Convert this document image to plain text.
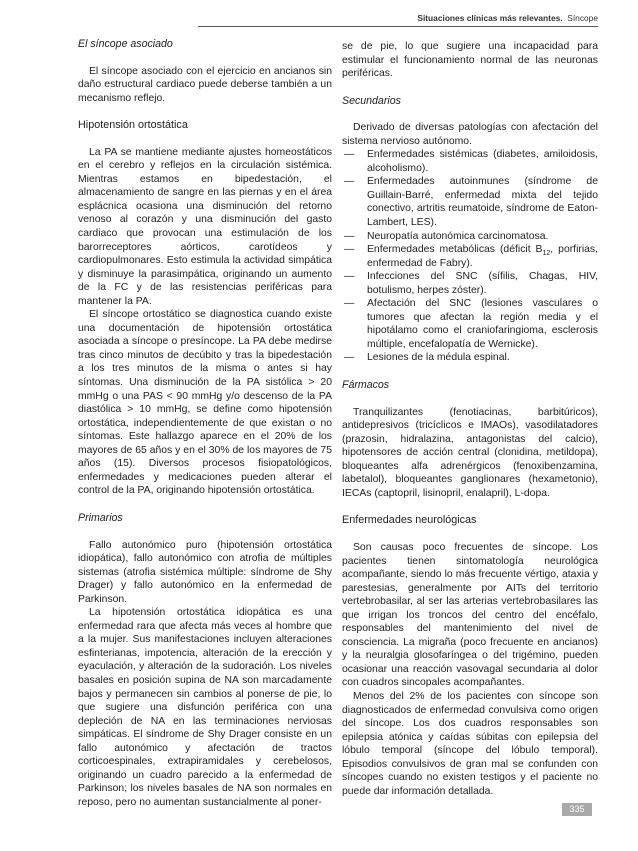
Situaciones clínicas más relevantes. Síncope
El síncope asociado

El síncope asociado con el ejercicio en ancianos sin daño estructural cardiaco puede deberse también a un mecanismo reflejo.

Hipotensión ortostática

La PA se mantiene mediante ajustes homeostáticos en el cerebro y reflejos en la circulación sistémica. Mientras estamos en bipedestación, el almacenamiento de sangre en las piernas y en el área esplácnica ocasiona una disminución del retorno venoso al corazón y una disminución del gasto cardiaco que provocan una estimulación de los barorreceptores aórticos, carotídeos y cardiopulmonares. Esto estimula la actividad simpática y disminuye la parasimpática, originando un aumento de la FC y de las resistencias periféricas para mantener la PA.

El síncope ortostático se diagnostica cuando existe una documentación de hipotensión ortostática asociada a síncope o presíncope. La PA debe medirse tras cinco minutos de decúbito y tras la bipedestación a los tres minutos de la misma o antes si hay síntomas. Una disminución de la PA sistólica > 20 mmHg o una PAS < 90 mmHg y/o descenso de la PA diastólica > 10 mmHg, se define como hipotensión ortostática, independientemente de que existan o no síntomas. Este hallazgo aparece en el 20% de los mayores de 65 años y en el 30% de los mayores de 75 años (15). Diversos procesos fisiopatológicos, enfermedades y medicaciones pueden alterar el control de la PA, originando hipotensión ortostática.

Primarios

Fallo autonómico puro (hipotensión ortostática idiopática), fallo autonómico con atrofia de múltiples sistemas (atrofia sistémica múltiple: síndrome de Shy Drager) y fallo autonómico en la enfermedad de Parkinson.

La hipotensión ortostática idiopática es una enfermedad rara que afecta más veces al hombre que a la mujer. Sus manifestaciones incluyen alteraciones esfinterianas, impotencia, alteración de la erección y eyaculación, y alteración de la sudoración. Los niveles basales en posición supina de NA son marcadamente bajos y permanecen sin cambios al ponerse de pie, lo que sugiere una disfunción periférica con una depleción de NA en las terminaciones nerviosas simpáticas. El síndrome de Shy Drager consiste en un fallo autonómico y afectación de tractos corticoespinales, extrapiramidales y cerebelosos, originando un cuadro parecido a la enfermedad de Parkinson; los niveles basales de NA son normales en reposo, pero no aumentan sustancialmente al poner-

se de pie, lo que sugiere una incapacidad para estimular el funcionamiento normal de las neuronas periféricas.

Secundarios

Derivado de diversas patologías con afectación del sistema nervioso autónomo.

— Enfermedades sistémicas (diabetes, amiloidosis, alcoholismo).
— Enfermedades autoinmunes (síndrome de Guillain-Barré, enfermedad mixta del tejido conectivo, artritis reumatoide, síndrome de Eaton-Lambert, LES).
— Neuropatía autonómica carcinomatosa.
— Enfermedades metabólicas (déficit $B_{12}$, porfirias, enfermedad de Fabry).
— Infecciones del SNC (sífilis, Chagas, HIV, botulismo, herpes zóster).
— Afectación del SNC (lesiones vasculares o tumores que afectan la región media y el hipotálamo como el craniofaringioma, esclerosis múltiple, encefalopatía de Wernicke).
— Lesiones de la médula espinal.
Fármacos

Tranquilizantes (fenotiacinas, barbitúricos), antidepresivos (tricíclicos e IMAOs), vasodilatadores (prazosin, hidralazina, antagonistas del calcio), hipotensores de acción central (clonidina, metildopa), bloqueantes alfa adrenérgicos (fenoxibenzamina, labetalol), bloqueantes ganglionares (hexametonio), IECAs (captopril, lisinopril, enalapril), L-dopa.

Enfermedades neurológicas

Son causas poco frecuentes de síncope. Los pacientes tienen sintomatología neurológica acompañante, siendo lo más frecuente vértigo, ataxia y parestesias, generalmente por AITs del territorio vertebrobasilar, al ser las arterias vertebrobasilares las que irrigan los troncos del centro del encéfalo, responsables del mantenimiento del nivel de consciencia. La migraña (poco frecuente en ancianos) y la neuralgia glosofaríngea o del trigémino, pueden ocasionar una reacción vasovagal secundaria al dolor con cuadros sincopales acompañantes.

Menos del 2% de los pacientes con síncope son diagnosticados de enfermedad convulsiva como origen del síncope. Los dos cuadros responsables son epilepsia atónica y caídas súbitas con epilepsia del lóbulo temporal (síncope del lóbulo temporal). Episodios convulsivos de gran mal se confunden con síncopes cuando no existen testigos y el paciente no puede dar información detallada.

335
